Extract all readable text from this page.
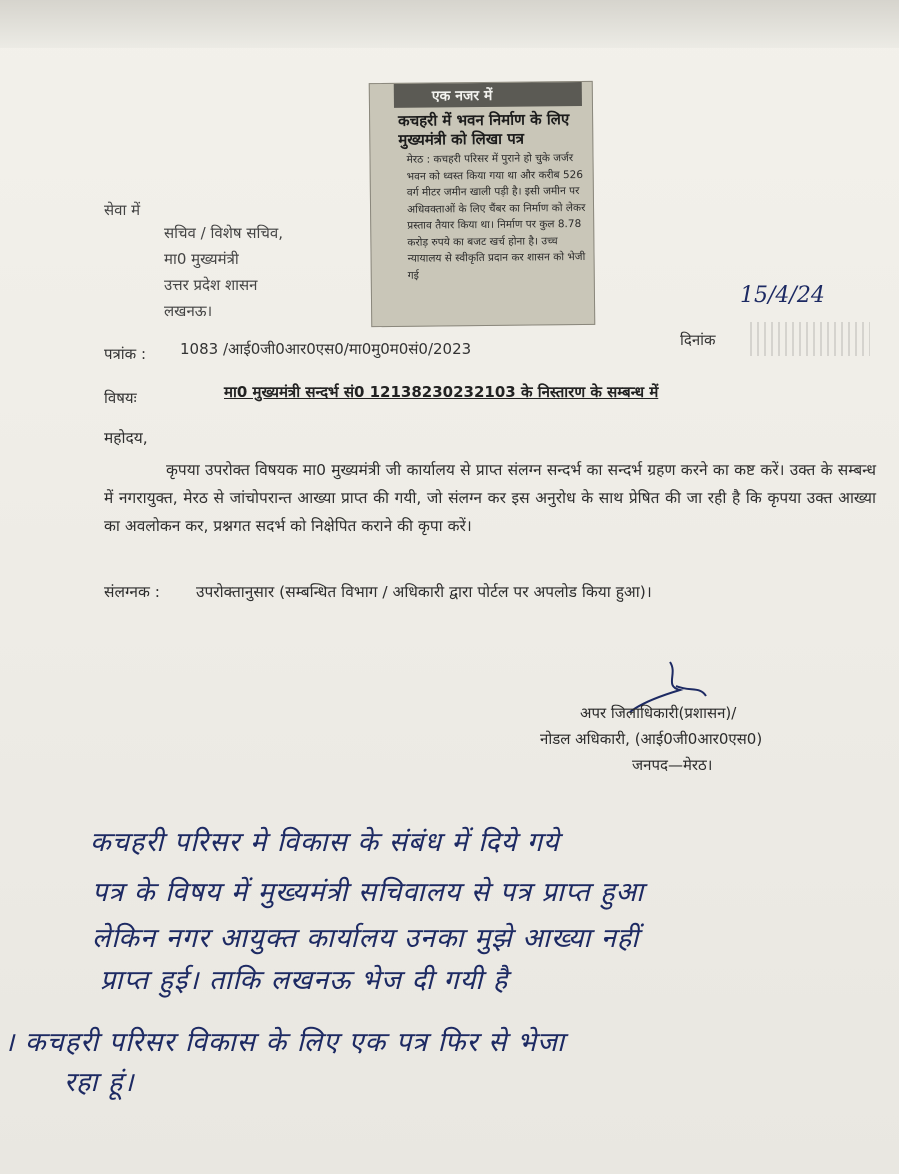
एक नजर में
कचहरी में भवन निर्माण के लिए मुख्यमंत्री को लिखा पत्र
मेरठ : कचहरी परिसर में पुराने हो चुके जर्जर भवन को ध्वस्त किया गया था और करीब 526 वर्ग मीटर जमीन खाली पड़ी है। इसी जमीन पर अधिवक्ताओं के लिए चैंबर का निर्माण को लेकर प्रस्ताव तैयार किया था। निर्माण पर कुल 8.78 करोड़ रुपये का बजट खर्च होना है। उच्च न्यायालय से स्वीकृति प्रदान कर शासन को भेजी गई
सेवा में
सचिव / विशेष सचिव,
मा0 मुख्यमंत्री
उत्तर प्रदेश शासन
लखनऊ।
15/4/24
पत्रांक : 1083 /आई0जी0आर0एस0/मा0मु0म0सं0/2023	दिनांक
विषयः	मा0 मुख्यमंत्री सन्दर्भ सं0 12138230232103 के निस्तारण के सम्बन्ध में
महोदय,
कृपया उपरोक्त विषयक मा0 मुख्यमंत्री जी कार्यालय से प्राप्त संलग्न सन्दर्भ का सन्दर्भ ग्रहण करने का कष्ट करें। उक्त के सम्बन्ध में नगरायुक्त, मेरठ से जांचोपरान्त आख्या प्राप्त की गयी, जो संलग्न कर इस अनुरोध के साथ प्रेषित की जा रही है कि कृपया उक्त आख्या का अवलोकन कर, प्रश्नगत सदर्भ को निक्षेपित कराने की कृपा करें।
संलग्नक : उपरोक्तानुसार (सम्बन्धित विभाग / अधिकारी द्वारा पोर्टल पर अपलोड किया हुआ)।
अपर जिलाधिकारी(प्रशासन)/
नोडल अधिकारी, (आई0जी0आर0एस0)
जनपद—मेरठ।
कचहरी परिसर मे विकास के संबंध में दिये गये
पत्र के विषय में मुख्यमंत्री सचिवालय से पत्र प्राप्त हुआ
लेकिन नगर आयुक्त कार्यालय उनका मुझे आख्या नहीं
प्राप्त हुई। ताकि लखनऊ भेज दी गयी है
। कचहरी परिसर विकास के लिए एक पत्र फिर से भेजा
रहा हूं।
